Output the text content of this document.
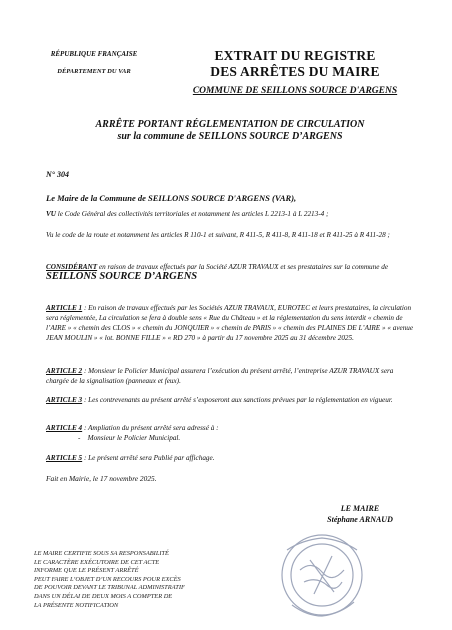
RÉPUBLIQUE FRANÇAISE
DÉPARTEMENT DU VAR
EXTRAIT DU REGISTRE
DES ARRÊTES DU MAIRE
COMMUNE DE SEILLONS SOURCE D'ARGENS
ARRÊTE PORTANT RÉGLEMENTATION DE CIRCULATION
sur la commune de SEILLONS SOURCE D’ARGENS
N° 304
Le Maire de la Commune de SEILLONS SOURCE D'ARGENS (VAR),
VU le Code Général des collectivités territoriales et notamment les articles L 2213-1 à L 2213-4 ;
Vu le code de la route et notamment les articles R 110-1 et suivant, R 411-5, R 411-8, R 411-18 et R 411-25 à R 411-28 ;
CONSIDÉRANT en raison de travaux effectués par la Société AZUR TRAVAUX et ses prestataires sur la commune de SEILLONS SOURCE D’ARGENS
ARTICLE 1 : En raison de travaux effectués par les Sociétés AZUR TRAVAUX, EUROTEC et leurs prestataires, la circulation sera réglementée, La circulation se fera à double sens « Rue du Château » et la réglementation du sens interdit « chemin de l’AIRE » « chemin des CLOS » « chemin du JONQUIER » « chemin de PARIS » « chemin des PLAINES DE L’AIRE » « avenue JEAN MOULIN » « lot. BONNE FILLE » « RD 270 » à partir du 17 novembre 2025 au 31 décembre 2025.
ARTICLE 2 : Monsieur le Policier Municipal assurera l’exécution du présent arrêté, l’entreprise AZUR TRAVAUX sera chargée de la signalisation (panneaux et feux).
ARTICLE 3 : Les contrevenants au présent arrêté s’exposeront aux sanctions prévues par la réglementation en vigueur.
ARTICLE 4 : Ampliation du présent arrêté sera adressé à :
-    Monsieur le Policier Municipal.
ARTICLE 5 : Le présent arrêté sera Publié par affichage.
Fait en Mairie, le 17 novembre 2025.
LE MAIRE
Stéphane ARNAUD
LE MAIRE CERTIFIE SOUS SA RESPONSABILITÉ
LE CARACTÈRE EXÉCUTOIRE DE CET ACTE
INFORME QUE LE PRÉSENT ARRÊTÉ
PEUT FAIRE L’OBJET D’UN RECOURS POUR EXCÈS
DE POUVOIR DEVANT LE TRIBUNAL ADMINISTRATIF
DANS UN DÉLAI DE DEUX MOIS A COMPTER DE
LA PRÉSENTE NOTIFICATION
